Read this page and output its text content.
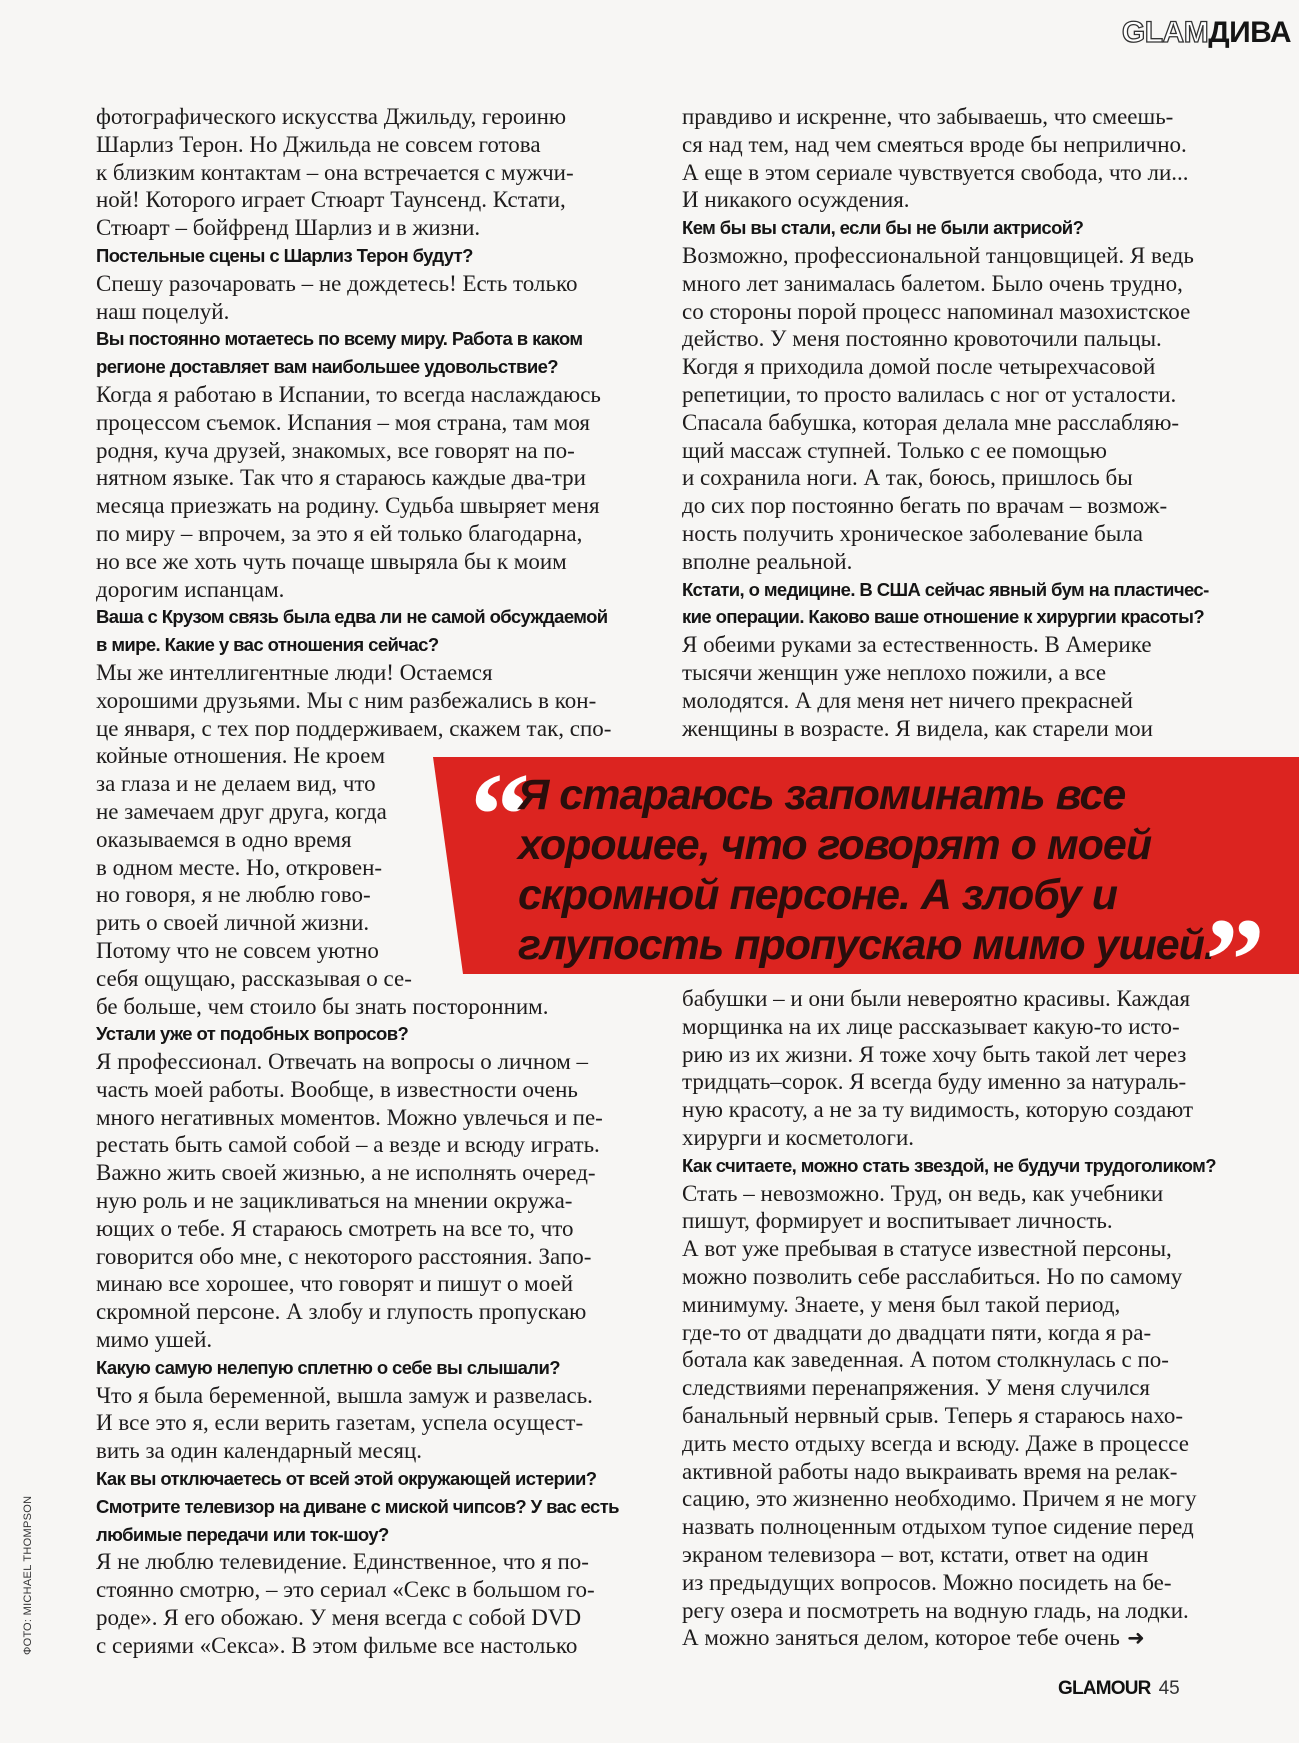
GLAMДИВА

фотографического искусства Джильду, героиню
Шарлиз Терон. Но Джильда не совсем готова
к близким контактам – она встречается с мужчи-
ной! Которого играет Стюарт Таунсенд. Кстати,
Стюарт – бойфренд Шарлиз и в жизни.

Постельные сцены с Шарлиз Терон будут?

Спешу разочаровать – не дождетесь! Есть только
наш поцелуй.

Вы постоянно мотаетесь по всему миру. Работа в каком
регионе доставляет вам наибольшее удовольствие?

Когда я работаю в Испании, то всегда наслаждаюсь
процессом съемок. Испания – моя страна, там моя
родня, куча друзей, знакомых, все говорят на по-
нятном языке. Так что я стараюсь каждые два-три
месяца приезжать на родину. Судьба швыряет меня
по миру – впрочем, за это я ей только благодарна,
но все же хоть чуть почаще швыряла бы к моим
дорогим испанцам.

Ваша с Крузом связь была едва ли не самой обсуждаемой
в мире. Какие у вас отношения сейчас?

Мы же интеллигентные люди! Остаемся
хорошими друзьями. Мы с ним разбежались в кон-
це января, с тех пор поддерживаем, скажем так, спо-
койные отношения. Не кроем
за глаза и не делаем вид, что
не замечаем друг друга, когда
оказываемся в одно время
в одном месте. Но, откровен-
но говоря, я не люблю гово-
рить о своей личной жизни.
Потому что не совсем уютно
себя ощущаю, рассказывая о се-
бе больше, чем стоило бы знать посторонним.

Устали уже от подобных вопросов?

Я профессионал. Отвечать на вопросы о личном –
часть моей работы. Вообще, в известности очень
много негативных моментов. Можно увлечься и пе-
рестать быть самой собой – а везде и всюду играть.
Важно жить своей жизнью, а не исполнять очеред-
ную роль и не зацикливаться на мнении окружа-
ющих о тебе. Я стараюсь смотреть на все то, что
говорится обо мне, с некоторого расстояния. Запо-
минаю все хорошее, что говорят и пишут о моей
скромной персоне. А злобу и глупость пропускаю
мимо ушей.

Какую самую нелепую сплетню о себе вы слышали?

Что я была беременной, вышла замуж и развелась.
И все это я, если верить газетам, успела осущест-
вить за один календарный месяц.

Как вы отключаетесь от всей этой окружающей истерии?
Смотрите телевизор на диване с миской чипсов? У вас есть
любимые передачи или ток-шоу?

Я не люблю телевидение. Единственное, что я по-
стоянно смотрю, – это сериал «Секс в большом го-
роде». Я его обожаю. У меня всегда с собой DVD
с сериями «Секса». В этом фильме все настолько

правдиво и искренне, что забываешь, что смеешь-
ся над тем, над чем смеяться вроде бы неприлично.
А еще в этом сериале чувствуется свобода, что ли...
И никакого осуждения.

Кем бы вы стали, если бы не были актрисой?

Возможно, профессиональной танцовщицей. Я ведь
много лет занималась балетом. Было очень трудно,
со стороны порой процесс напоминал мазохистское
действо. У меня постоянно кровоточили пальцы.
Когдя я приходила домой после четырехчасовой
репетиции, то просто валилась с ног от усталости.
Спасала бабушка, которая делала мне расслабляю-
щий массаж ступней. Только с ее помощью
и сохранила ноги. А так, боюсь, пришлось бы
до сих пор постоянно бегать по врачам – возмож-
ность получить хроническое заболевание была
вполне реальной.

Кстати, о медицине. В США сейчас явный бум на пластичес-
кие операции. Каково ваше отношение к хирургии красоты?

Я обеими руками за естественность. В Америке
тысячи женщин уже неплохо пожили, а все
молодятся. А для меня нет ничего прекрасней
женщины в возрасте. Я видела, как старели мои

бабушки – и они были невероятно красивы. Каждая
морщинка на их лице рассказывает какую-то исто-
рию из их жизни. Я тоже хочу быть такой лет через
тридцать–сорок. Я всегда буду именно за натураль-
ную красоту, а не за ту видимость, которую создают
хирурги и косметологи.

Как считаете, можно стать звездой, не будучи трудоголиком?

Стать – невозможно. Труд, он ведь, как учебники
пишут, формирует и воспитывает личность.
А вот уже пребывая в статусе известной персоны,
можно позволить себе расслабиться. Но по самому
минимуму. Знаете, у меня был такой период,
где-то от двадцати до двадцати пяти, когда я ра-
ботала как заведенная. А потом столкнулась с по-
следствиями перенапряжения. У меня случился
банальный нервный срыв. Теперь я стараюсь нахо-
дить место отдыху всегда и всюду. Даже в процессе
активной работы надо выкраивать время на релак-
сацию, это жизненно необходимо. Причем я не могу
назвать полноценным отдыхом тупое сидение перед
экраном телевизора – вот, кстати, ответ на один
из предыдущих вопросов. Можно посидеть на бе-
регу озера и посмотреть на водную гладь, на лодки.
А можно заняться делом, которое тебе очень ➜

“
Я стараюсь запоминать все
хорошее, что говорят о моей
скромной персоне. А злобу и
глупость пропускаю мимо ушей.
”
ФОТО: MICHAEL THOMPSON
GLAMOUR 45
